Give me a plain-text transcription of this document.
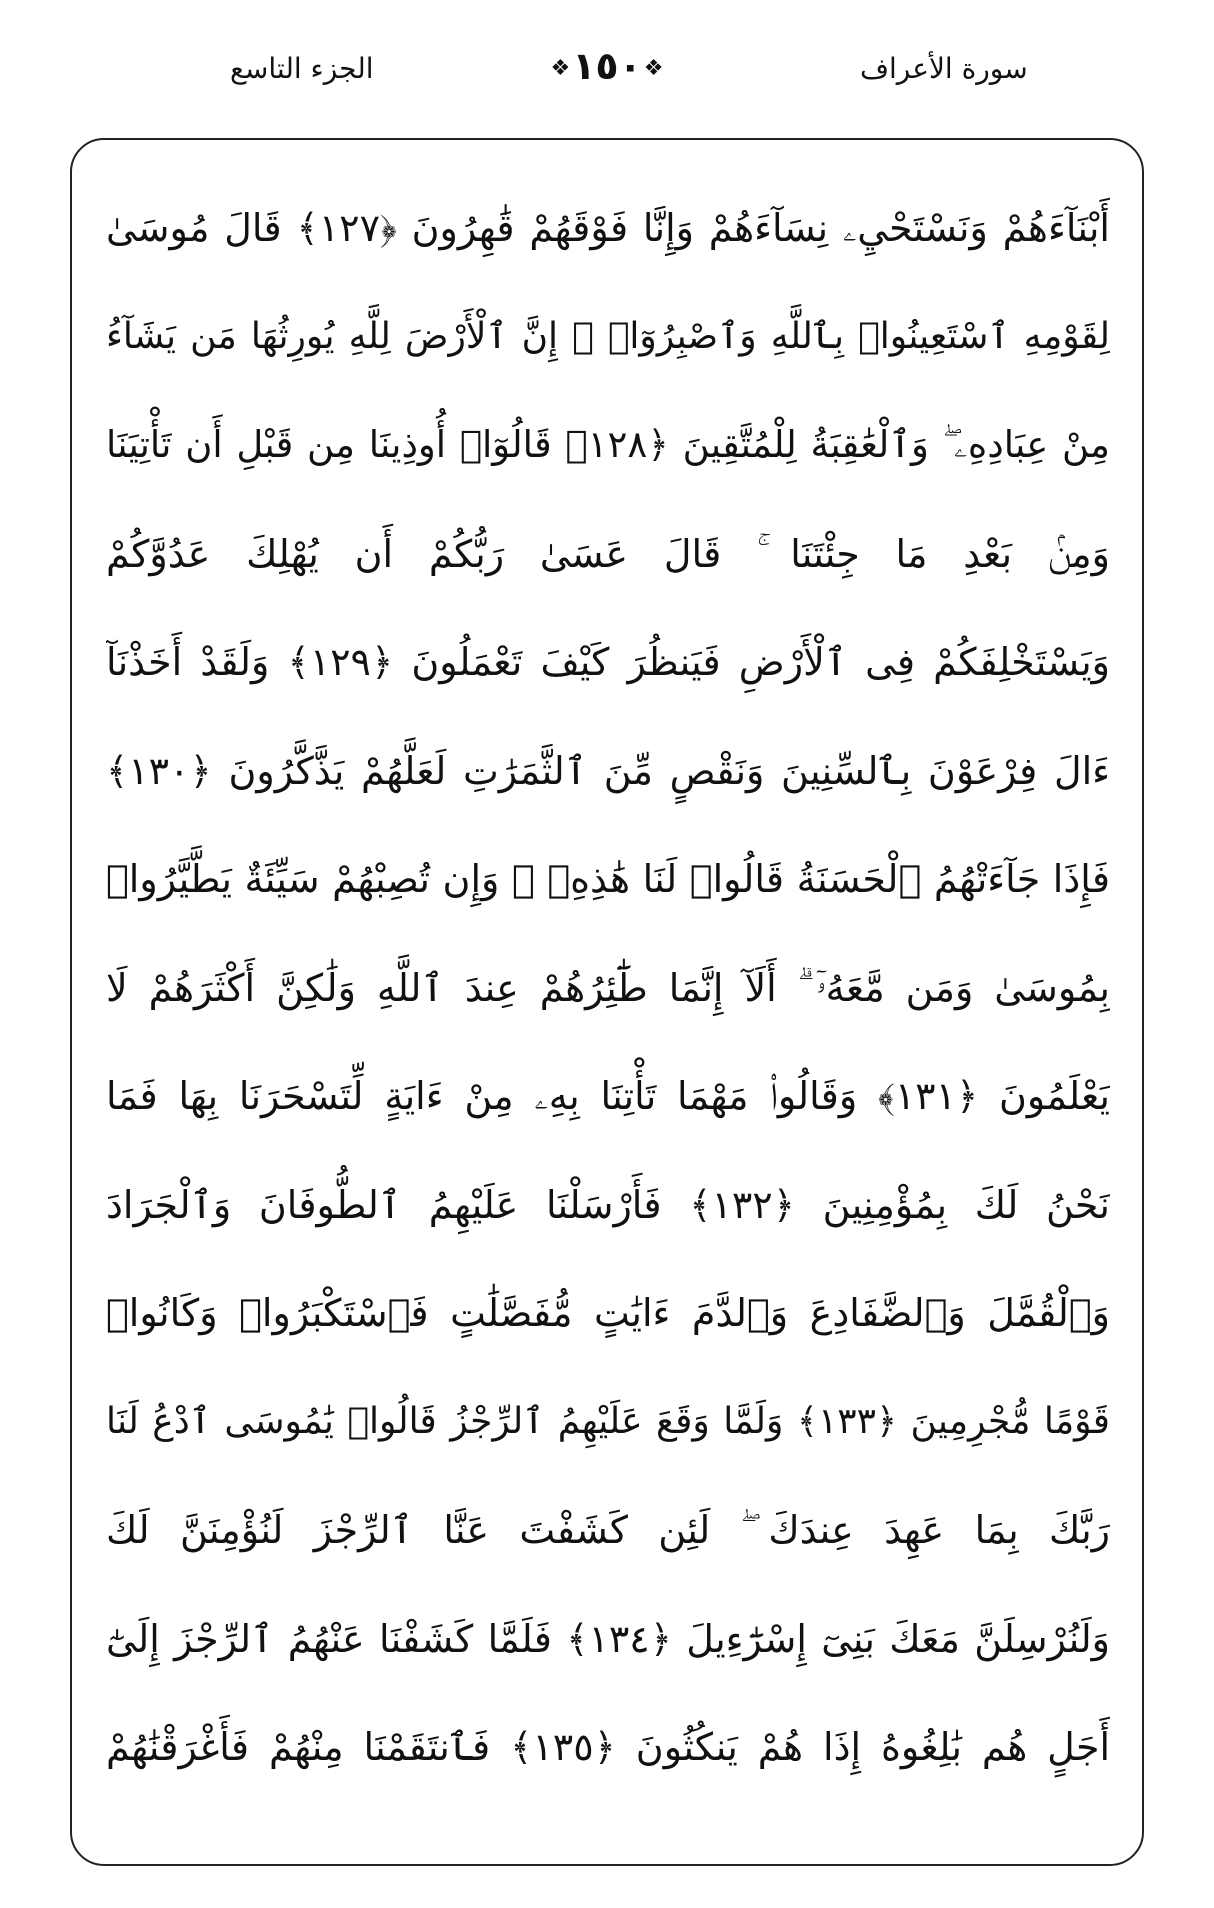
الجزء التاسع	❖١٥٠❖	سورة الأعراف
أَبْنَآءَهُمْ وَنَسْتَحْيِۦ نِسَآءَهُمْ وَإِنَّا فَوْقَهُمْ قَٰهِرُونَ ﴿١٢٧﴾ قَالَ مُوسَىٰ
لِقَوْمِهِ ٱسْتَعِينُوا۟ بِٱللَّهِ وَٱصْبِرُوٓا۟ ۖ إِنَّ ٱلْأَرْضَ لِلَّهِ يُورِثُهَا مَن يَشَآءُ
مِنْ عِبَادِهِۦ ۖ وَٱلْعَٰقِبَةُ لِلْمُتَّقِينَ ﴿١٢٨﴾ قَالُوٓا۟ أُوذِينَا مِن قَبْلِ أَن تَأْتِيَنَا
وَمِنۢ بَعْدِ مَا جِئْتَنَا ۚ قَالَ عَسَىٰ رَبُّكُمْ أَن يُهْلِكَ عَدُوَّكُمْ
وَيَسْتَخْلِفَكُمْ فِى ٱلْأَرْضِ فَيَنظُرَ كَيْفَ تَعْمَلُونَ ﴿١٢٩﴾ وَلَقَدْ أَخَذْنَآ
ءَالَ فِرْعَوْنَ بِٱلسِّنِينَ وَنَقْصٍ مِّنَ ٱلثَّمَرَٰتِ لَعَلَّهُمْ يَذَّكَّرُونَ ﴿١٣٠﴾
فَإِذَا جَآءَتْهُمُ ٱلْحَسَنَةُ قَالُوا۟ لَنَا هَٰذِهِۦ ۖ وَإِن تُصِبْهُمْ سَيِّئَةٌ يَطَّيَّرُوا۟
بِمُوسَىٰ وَمَن مَّعَهُۥٓ ۗ أَلَآ إِنَّمَا طَٰٓئِرُهُمْ عِندَ ٱللَّهِ وَلَٰكِنَّ أَكْثَرَهُمْ لَا
يَعْلَمُونَ ﴿١٣١﴾ وَقَالُوا۟ مَهْمَا تَأْتِنَا بِهِۦ مِنْ ءَايَةٍ لِّتَسْحَرَنَا بِهَا فَمَا
نَحْنُ لَكَ بِمُؤْمِنِينَ ﴿١٣٢﴾ فَأَرْسَلْنَا عَلَيْهِمُ ٱلطُّوفَانَ وَٱلْجَرَادَ
وَٱلْقُمَّلَ وَٱلضَّفَادِعَ وَٱلدَّمَ ءَايَٰتٍ مُّفَصَّلَٰتٍ فَٱسْتَكْبَرُوا۟ وَكَانُوا۟
قَوْمًا مُّجْرِمِينَ ﴿١٣٣﴾ وَلَمَّا وَقَعَ عَلَيْهِمُ ٱلرِّجْزُ قَالُوا۟ يَٰمُوسَى ٱدْعُ لَنَا
رَبَّكَ بِمَا عَهِدَ عِندَكَ ۖ لَئِن كَشَفْتَ عَنَّا ٱلرِّجْزَ لَنُؤْمِنَنَّ لَكَ
وَلَنُرْسِلَنَّ مَعَكَ بَنِىٓ إِسْرَٰٓءِيلَ ﴿١٣٤﴾ فَلَمَّا كَشَفْنَا عَنْهُمُ ٱلرِّجْزَ إِلَىٰٓ
أَجَلٍ هُم بَٰلِغُوهُ إِذَا هُمْ يَنكُثُونَ ﴿١٣٥﴾ فَٱنتَقَمْنَا مِنْهُمْ فَأَغْرَقْنَٰهُمْ
